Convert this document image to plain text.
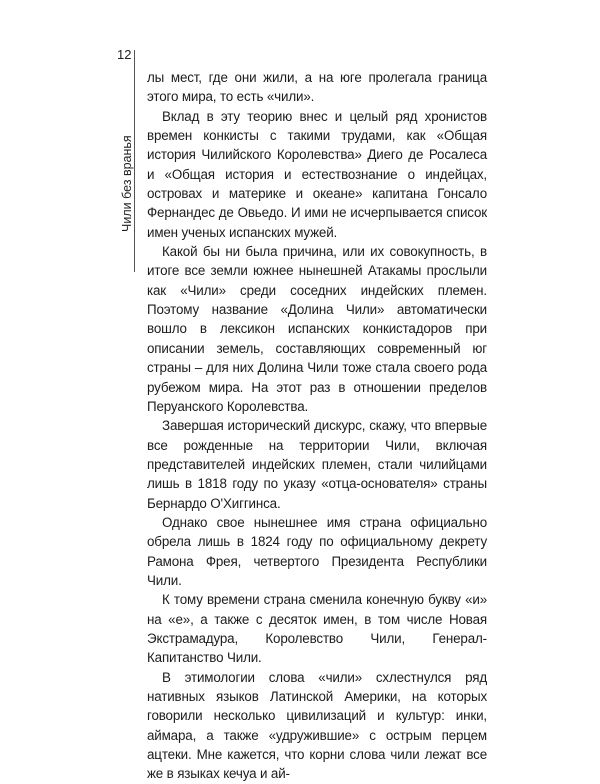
12
Чили без вранья

лы мест, где они жили, а на юге пролегала граница этого мира, то есть «чили».

Вклад в эту теорию внес и целый ряд хронистов времен конкисты с такими трудами, как «Общая история Чилийского Королевства» Диего де Росалеса и «Общая история и естествознание о индейцах, островах и материке и океане» капитана Гонсало Фернандес де Овьедо. И ими не исчерпывается список имен ученых испанских мужей.

Какой бы ни была причина, или их совокупность, в итоге все земли южнее нынешней Атакамы прослыли как «Чили» среди соседних индейских племен. Поэтому название «Долина Чили» автоматически вошло в лексикон испанских конкистадоров при описании земель, составляющих современный юг страны – для них Долина Чили тоже стала своего рода рубежом мира. На этот раз в отношении пределов Перуанского Королевства.

Завершая исторический дискурс, скажу, что впервые все рожденные на территории Чили, включая представителей индейских племен, стали чилийцами лишь в 1818 году по указу «отца-основателя» страны Бернардо О'Хиггинса.

Однако свое нынешнее имя страна официально обрела лишь в 1824 году по официальному декрету Рамона Фрея, четвертого Президента Республики Чили.

К тому времени страна сменила конечную букву «и» на «е», а также с десяток имен, в том числе Новая Экстрамадура, Королевство Чили, Генерал-Капитанство Чили.

В этимологии слова «чили» схлестнулся ряд нативных языков Латинской Америки, на которых говорили несколько цивилизаций и культур: инки, аймара, а также «удружившие» с острым перцем ацтеки. Мне кажется, что корни слова чили лежат все же в языках кечуа и ай-
